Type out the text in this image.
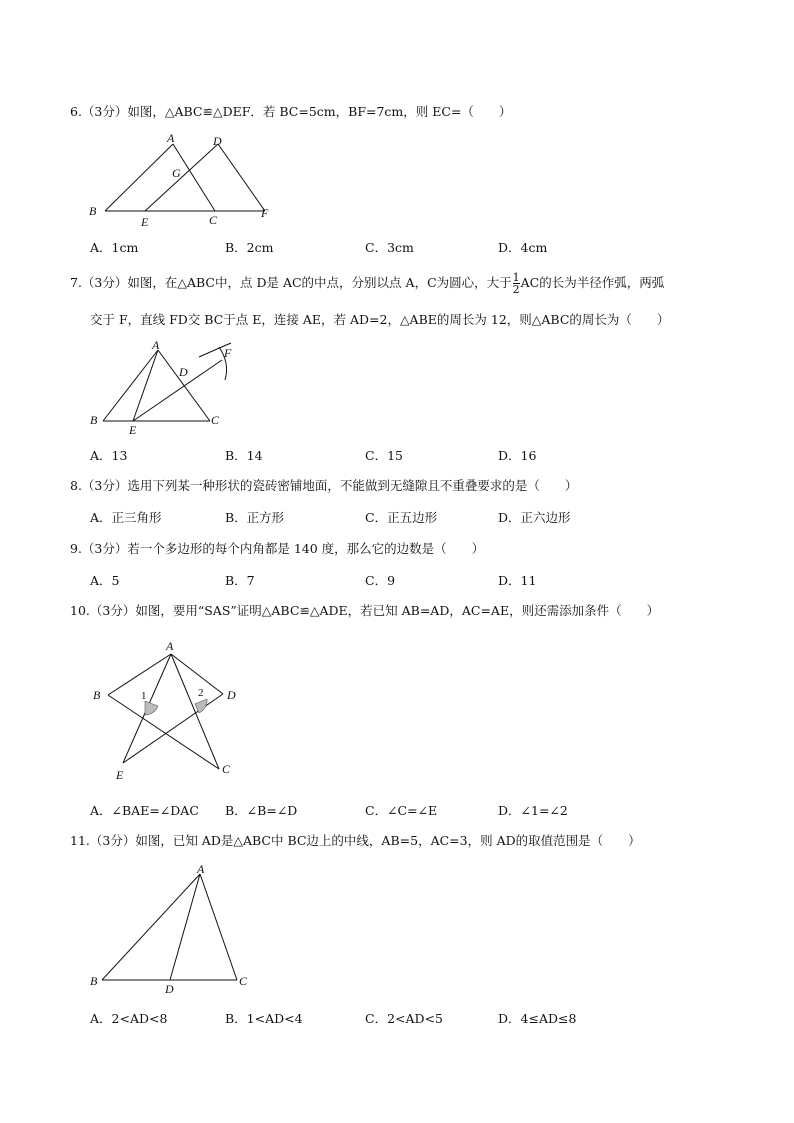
6.（3分）如图，△ABC≌△DEF．若 BC=5cm，BF=7cm，则 EC=（　　）
A	D
G
B
E	C	F
A．1cm	B．2cm	C．3cm	D．4cm
7.（3分）如图，在△ABC中，点 D是 AC的中点，分别以点 A，C为圆心，大于 $\frac{1}{2}$ AC的长为半径作弧，两弧
交于 F，直线 FD交 BC于点 E，连接 AE，若 AD=2，△ABE的周长为 12，则△ABC的周长为（　　）
A
F
D
B
E
C
A．13	B．14	C．15	D．16
8.（3分）选用下列某一种形状的瓷砖密铺地面，不能做到无缝隙且不重叠要求的是（　　）
A．正三角形	B．正方形	C．正五边形	D．正六边形
9.（3分）若一个多边形的每个内角都是 140 度，那么它的边数是（　　）
A．5	B．7	C．9	D．11
10.（3分）如图，要用“SAS”证明△ABC≌△ADE，若已知 AB=AD，AC=AE，则还需添加条件（　　）
A
B	D
1	2
E	C
A．∠BAE=∠DAC B．∠B=∠D	C．∠C=∠E	D．∠1=∠2
11.（3分）如图，已知 AD是△ABC中 BC边上的中线，AB=5，AC=3，则 AD的取值范围是（　　）
A
B
D
C
A．2<AD<8	B．1<AD<4	C．2<AD<5	D．4≤AD≤8
